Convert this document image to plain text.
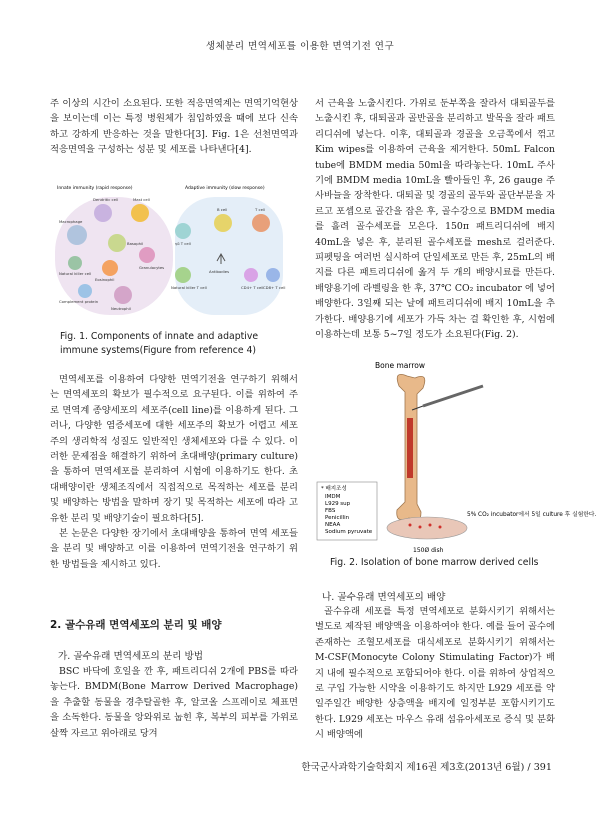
생체분리 면역세포를 이용한 면역기전 연구

주 이상의 시간이 소요된다. 또한 적응면역계는 면역기억현상을 보이는데 이는 특정 병원체가 침입하였을 때에 보다 신속하고 강하게 반응하는 것을 말한다[3]. Fig. 1은 선천면역과 적응면역을 구성하는 성분 및 세포를 나타낸다[4].

Innate immunity (rapid response)	Adaptive immunity (slow response)
Dendritic cell	Mast cell
Macrophage
Natural killer cell
Complement protein
Basophil
Eosinophil
Granulocytes
Neutrophil
γδ T cell
Natural killer T cell
B cell	T cell
Antibodies
CD4+ T cell CD8+ T cell
Fig. 1. Components of innate and adaptive immune systems(Figure from reference 4)

면역세포를 이용하여 다양한 면역기전을 연구하기 위해서는 면역세포의 확보가 필수적으로 요구된다. 이를 위하여 주로 면역계 종양세포의 세포주(cell line)를 이용하게 된다. 그러나, 다양한 염증세포에 대한 세포주의 확보가 어렵고 세포주의 생리학적 성질도 일반적인 생체세포와 다를 수 있다. 이러한 문제점을 해결하기 위하여 초대배양(primary culture)을 통하여 면역세포를 분리하여 시험에 이용하기도 한다. 초대배양이란 생체조직에서 직접적으로 목적하는 세포를 분리 및 배양하는 방법을 말하며 장기 및 목적하는 세포에 따라 고유한 분리 및 배양기술이 필요하다[5].

본 논문은 다양한 장기에서 초대배양을 통하여 면역 세포들을 분리 및 배양하고 이를 이용하여 면역기전을 연구하기 위한 방법들을 제시하고 있다.

2. 골수유래 면역세포의 분리 및 배양
가. 골수유래 면역세포의 분리 방법

BSC 바닥에 호일을 깐 후, 패트리디쉬 2개에 PBS를 따라 놓는다. BMDM(Bone Marrow Derived Macrophage)을 추출할 동물을 경추탈골한 후, 알코올 스프레이로 체표면을 소독한다. 동물을 앙와위로 눕힌 후, 복부의 피부를 가위로 살짝 자르고 위아래로 당겨

서 근육을 노출시킨다. 가위로 둔부쪽을 잘라서 대퇴골두를 노출시킨 후, 대퇴골과 골반골을 분리하고 발목을 잘라 패트리디쉬에 넣는다. 이후, 대퇴골과 경골을 오금쪽에서 꺾고 Kim wipes를 이용하여 근육을 제거한다. 50mL Falcon tube에 BMDM media 50ml을 따라놓는다. 10mL 주사기에 BMDM media 10mL을 빨아들인 후, 26 gauge 주사바늘을 장착한다. 대퇴골 및 경골의 골두와 골단부분을 자르고 포셉으로 골간을 잡은 후, 골수강으로 BMDM media를 흘려 골수세포를 모은다. 150π 패트리디쉬에 배지 40mL을 넣은 후, 분리된 골수세포를 mesh로 걸러준다. 피펫팅을 여러번 실시하여 단일세포로 만든 후, 25mL의 배지를 다른 패트리디쉬에 옮겨 두 개의 배양시료를 만든다. 배양용기에 라벨링을 한 후, 37℃ CO₂ incubator 에 넣어 배양한다. 3일째 되는 날에 패트리디쉬에 배지 10mL을 추가한다. 배양용기에 세포가 가득 차는 걸 확인한 후, 시험에 이용하는데 보통 5~7일 정도가 소요된다(Fig. 2).

Bone marrow
* 배지조성
IMDM
L929 sup
FBS
Penicillin
NEAA
Sodium pyruvate
150Ø dish
5% CO₂ incubator에서 5일 culture 후 실험한다.
Fig. 2. Isolation of bone marrow derived cells
나. 골수유래 면역세포의 배양

골수유래 세포를 특정 면역세포로 분화시키기 위해서는 별도로 제작된 배양액을 이용하여야 한다. 예를 들어 골수에 존재하는 조혈모세포를 대식세포로 분화시키기 위해서는 M-CSF(Monocyte Colony Stimulating Factor)가 배지 내에 필수적으로 포함되어야 한다. 이를 위하여 상업적으로 구입 가능한 시약을 이용하기도 하지만 L929 세포를 약 일주일간 배양한 상층액을 배지에 일정부분 포함시키기도 한다. L929 세포는 마우스 유래 섬유아세포로 증식 및 분화시 배양액에

한국군사과학기술학회지 제16권 제3호(2013년 6월) / 391
